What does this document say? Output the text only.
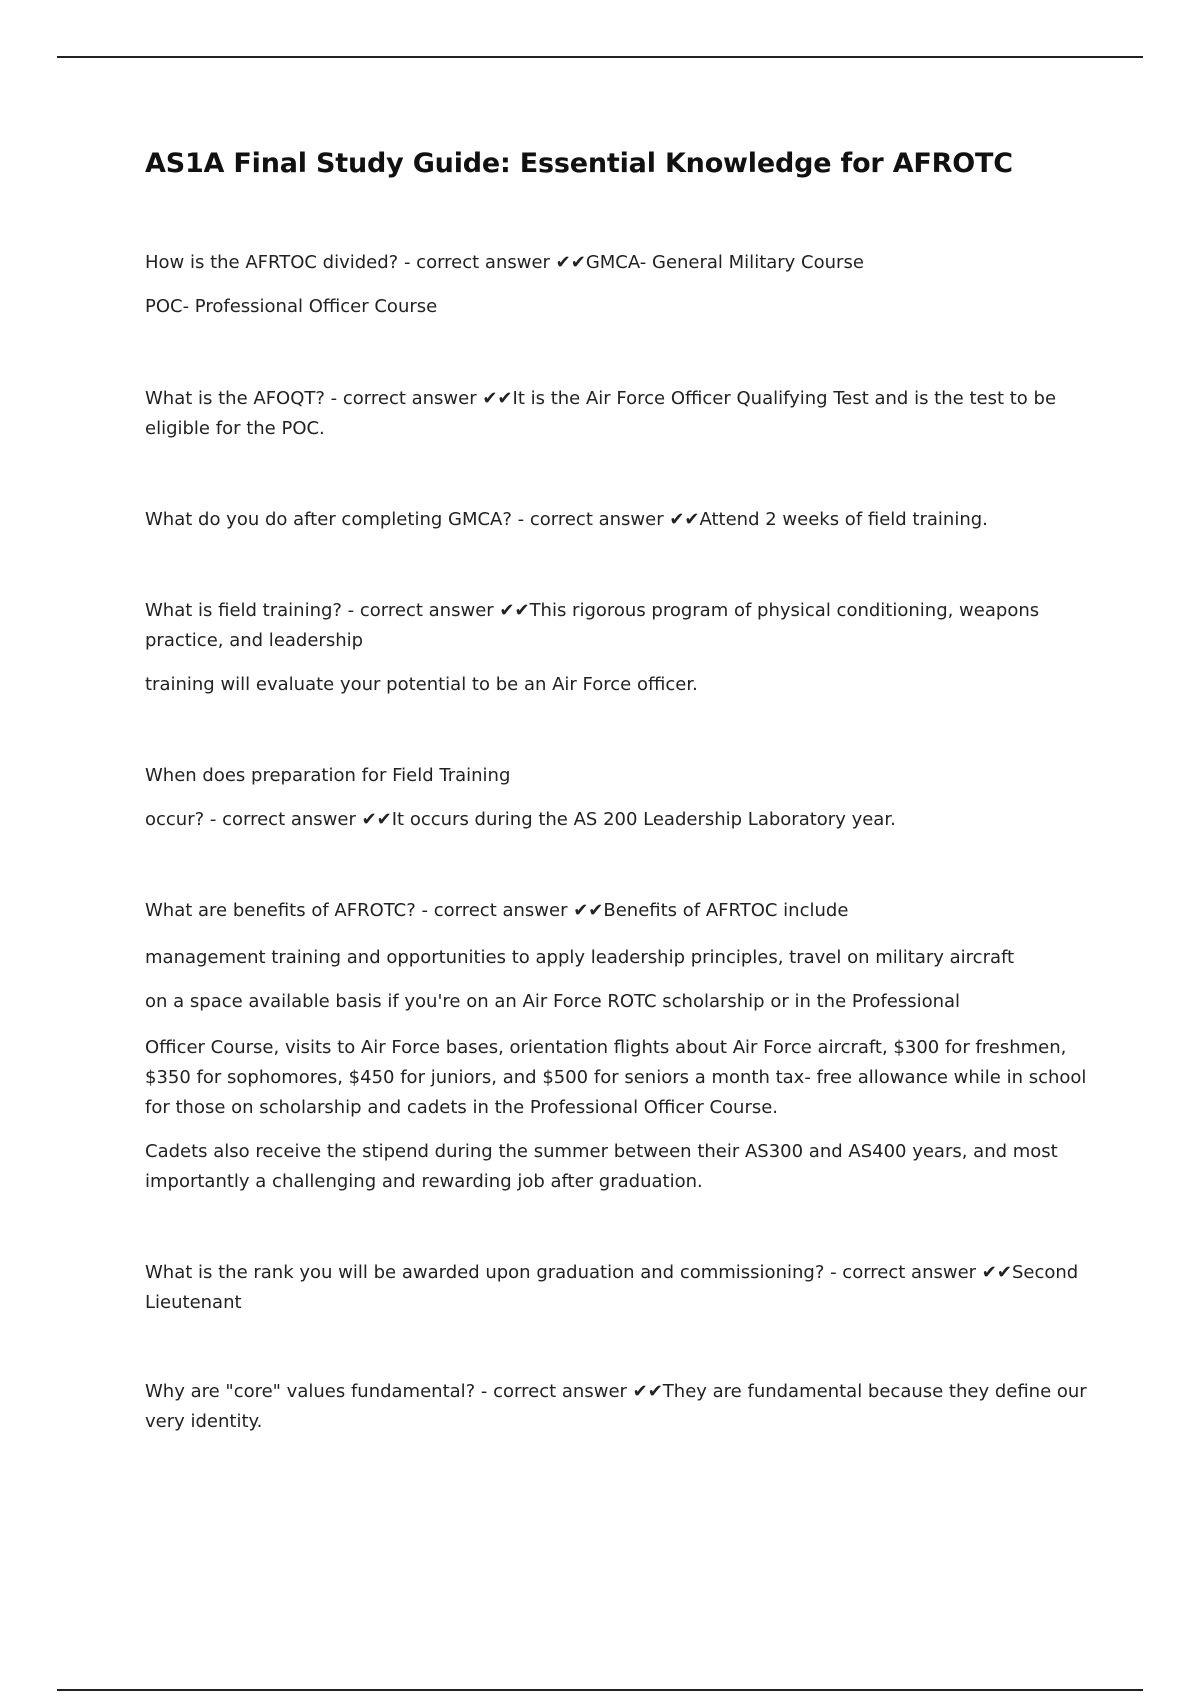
AS1A Final Study Guide: Essential Knowledge for AFROTC

How is the AFRTOC divided? - correct answer ✔✔GMCA- General Military Course

POC- Professional Officer Course

What is the AFOQT? - correct answer ✔✔It is the Air Force Officer Qualifying Test and is the test to be eligible for the POC.

What do you do after completing GMCA? - correct answer ✔✔Attend 2 weeks of field training.

What is field training? - correct answer ✔✔This rigorous program of physical conditioning, weapons practice, and leadership

training will evaluate your potential to be an Air Force officer.

When does preparation for Field Training

occur? - correct answer ✔✔It occurs during the AS 200 Leadership Laboratory year.

What are benefits of AFROTC? - correct answer ✔✔Benefits of AFRTOC include

management training and opportunities to apply leadership principles, travel on military aircraft

on a space available basis if you're on an Air Force ROTC scholarship or in the Professional

Officer Course, visits to Air Force bases, orientation flights about Air Force aircraft, $300 for freshmen, $350 for sophomores, $450 for juniors, and $500 for seniors a month tax- free allowance while in school for those on scholarship and cadets in the Professional Officer Course.

Cadets also receive the stipend during the summer between their AS300 and AS400 years, and most importantly a challenging and rewarding job after graduation.

What is the rank you will be awarded upon graduation and commissioning? - correct answer ✔✔Second Lieutenant

Why are "core" values fundamental? - correct answer ✔✔They are fundamental because they define our very identity.
